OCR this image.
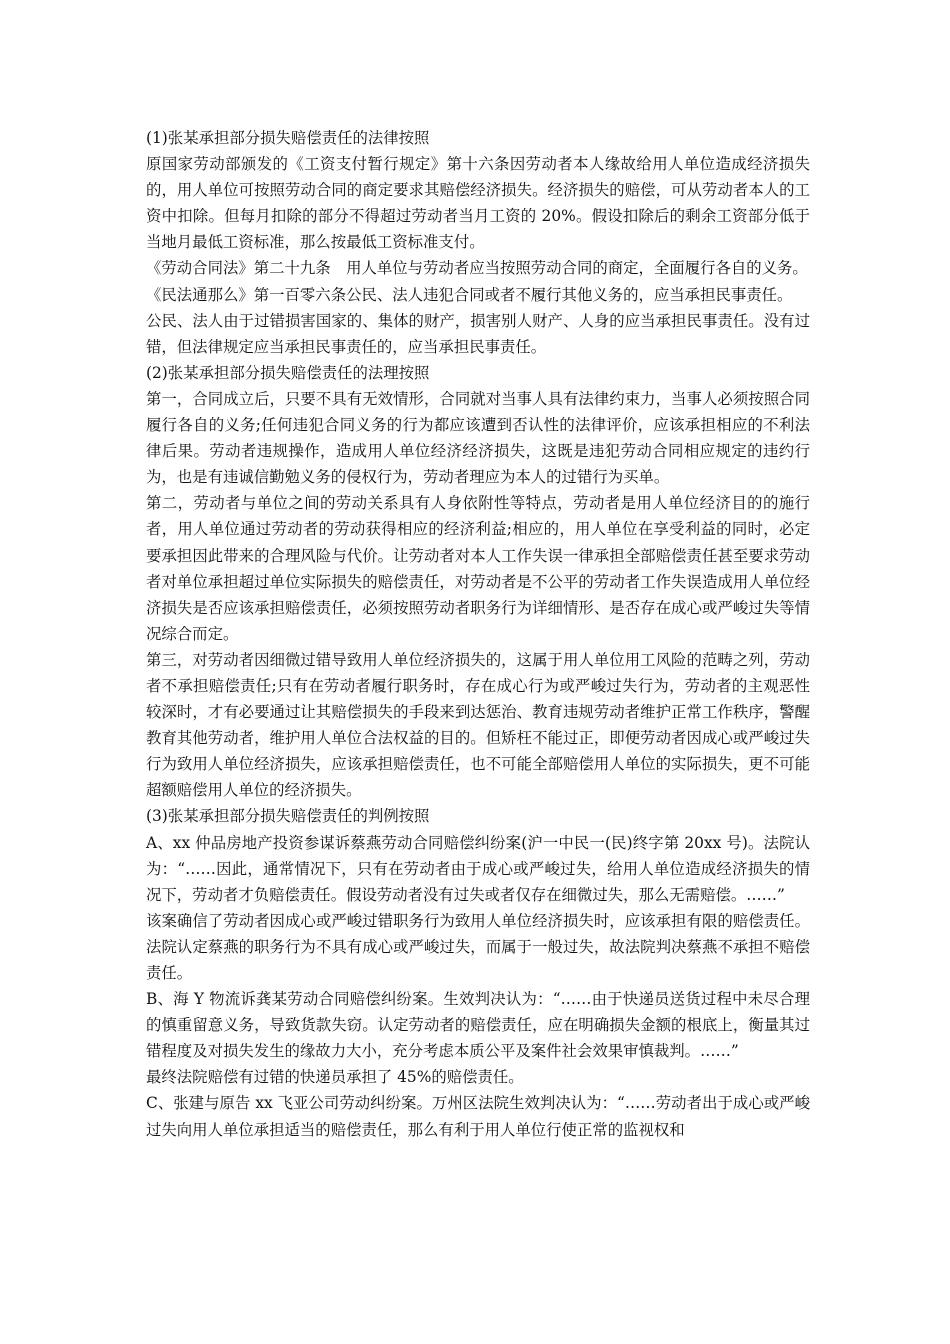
(1)张某承担部分损失赔偿责任的法律按照

原国家劳动部颁发的《工资支付暂行规定》第十六条因劳动者本人缘故给用人单位造成经济损失的，用人单位可按照劳动合同的商定要求其赔偿经济损失。经济损失的赔偿，可从劳动者本人的工资中扣除。但每月扣除的部分不得超过劳动者当月工资的 20%。假设扣除后的剩余工资部分低于当地月最低工资标准，那么按最低工资标准支付。

《劳动合同法》第二十九条　用人单位与劳动者应当按照劳动合同的商定，全面履行各自的义务。

《民法通那么》第一百零六条公民、法人违犯合同或者不履行其他义务的，应当承担民事责任。

公民、法人由于过错损害国家的、集体的财产，损害别人财产、人身的应当承担民事责任。没有过错，但法律规定应当承担民事责任的，应当承担民事责任。

(2)张某承担部分损失赔偿责任的法理按照

第一，合同成立后，只要不具有无效情形，合同就对当事人具有法律约束力，当事人必须按照合同履行各自的义务;任何违犯合同义务的行为都应该遭到否认性的法律评价，应该承担相应的不利法律后果。劳动者违规操作，造成用人单位经济经济损失，这既是违犯劳动合同相应规定的违约行为，也是有违诚信勤勉义务的侵权行为，劳动者理应为本人的过错行为买单。

第二，劳动者与单位之间的劳动关系具有人身依附性等特点，劳动者是用人单位经济目的的施行者，用人单位通过劳动者的劳动获得相应的经济利益;相应的，用人单位在享受利益的同时，必定要承担因此带来的合理风险与代价。让劳动者对本人工作失误一律承担全部赔偿责任甚至要求劳动者对单位承担超过单位实际损失的赔偿责任，对劳动者是不公平的劳动者工作失误造成用人单位经济损失是否应该承担赔偿责任，必须按照劳动者职务行为详细情形、是否存在成心或严峻过失等情况综合而定。

第三，对劳动者因细微过错导致用人单位经济损失的，这属于用人单位用工风险的范畴之列，劳动者不承担赔偿责任;只有在劳动者履行职务时，存在成心行为或严峻过失行为，劳动者的主观恶性较深时，才有必要通过让其赔偿损失的手段来到达惩治、教育违规劳动者维护正常工作秩序，警醒教育其他劳动者，维护用人单位合法权益的目的。但矫枉不能过正，即便劳动者因成心或严峻过失行为致用人单位经济损失，应该承担赔偿责任，也不可能全部赔偿用人单位的实际损失，更不可能超额赔偿用人单位的经济损失。

(3)张某承担部分损失赔偿责任的判例按照

A、xx 仲品房地产投资参谋诉蔡燕劳动合同赔偿纠纷案(沪一中民一(民)终字第 20xx 号)。法院认为：“……因此，通常情况下，只有在劳动者由于成心或严峻过失，给用人单位造成经济损失的情况下，劳动者才负赔偿责任。假设劳动者没有过失或者仅存在细微过失，那么无需赔偿。……”

该案确信了劳动者因成心或严峻过错职务行为致用人单位经济损失时，应该承担有限的赔偿责任。法院认定蔡燕的职务行为不具有成心或严峻过失，而属于一般过失，故法院判决蔡燕不承担不赔偿责任。

B、海 Y 物流诉龚某劳动合同赔偿纠纷案。生效判决认为：“……由于快递员送货过程中未尽合理的慎重留意义务，导致货款失窃。认定劳动者的赔偿责任，应在明确损失金额的根底上，衡量其过错程度及对损失发生的缘故力大小，充分考虑本质公平及案件社会效果审慎裁判。……”

最终法院赔偿有过错的快递员承担了 45%的赔偿责任。

C、张建与原告 xx 飞亚公司劳动纠纷案。万州区法院生效判决认为：“……劳动者出于成心或严峻过失向用人单位承担适当的赔偿责任，那么有利于用人单位行使正常的监视权和
